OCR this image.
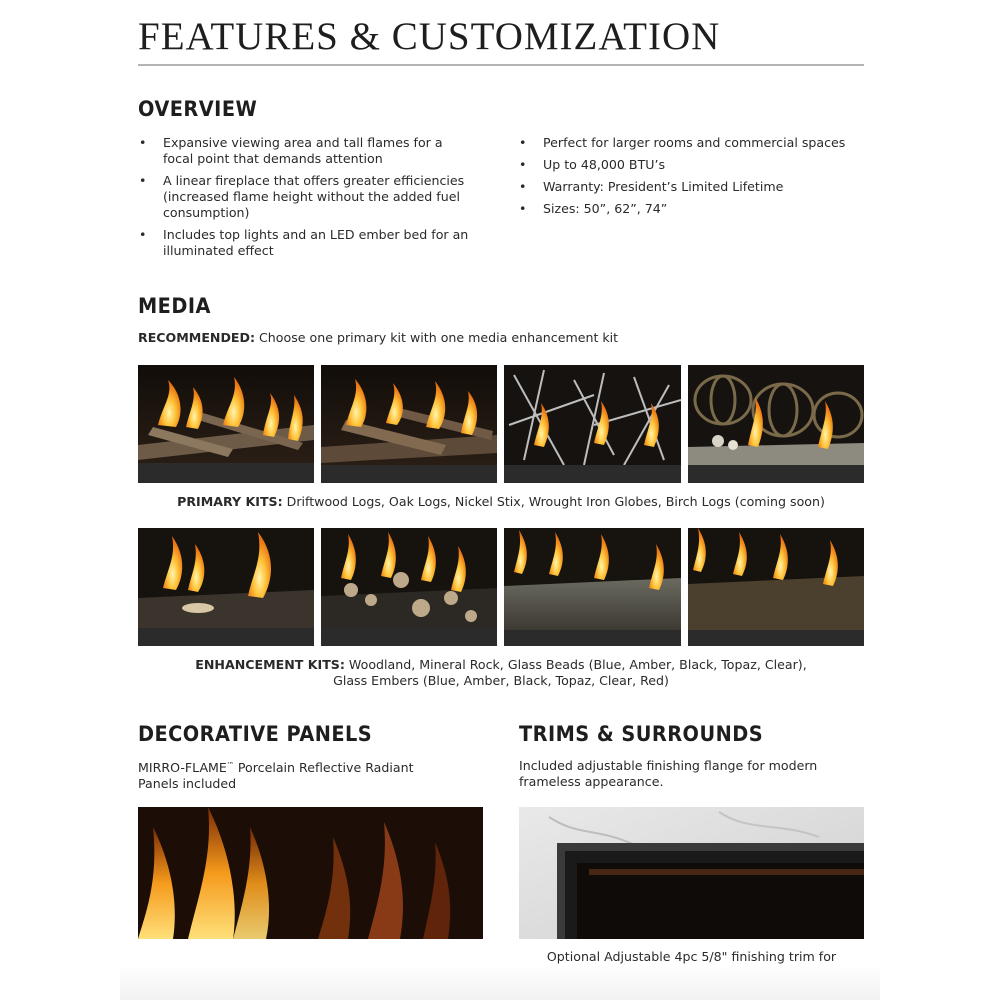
FEATURES & CUSTOMIZATION
OVERVIEW
• Expansive viewing area and tall flames for a focal point that demands attention
• A linear fireplace that offers greater efficiencies (increased flame height without the added fuel consumption)
• Includes top lights and an LED ember bed for an illuminated effect
• Perfect for larger rooms and commercial spaces
• Up to 48,000 BTU’s
• Warranty: President’s Limited Lifetime
• Sizes: 50”, 62”, 74”
MEDIA
RECOMMENDED: Choose one primary kit with one media enhancement kit
PRIMARY KITS: Driftwood Logs, Oak Logs, Nickel Stix, Wrought Iron Globes, Birch Logs (coming soon)
ENHANCEMENT KITS: Woodland, Mineral Rock, Glass Beads (Blue, Amber, Black, Topaz, Clear),
Glass Embers (Blue, Amber, Black, Topaz, Clear, Red)
DECORATIVE PANELS
MIRRO-FLAME™ Porcelain Reflective Radiant
Panels included
TRIMS & SURROUNDS
Included adjustable finishing flange for modern
frameless appearance.
Optional Adjustable 4pc 5/8" finishing trim for
